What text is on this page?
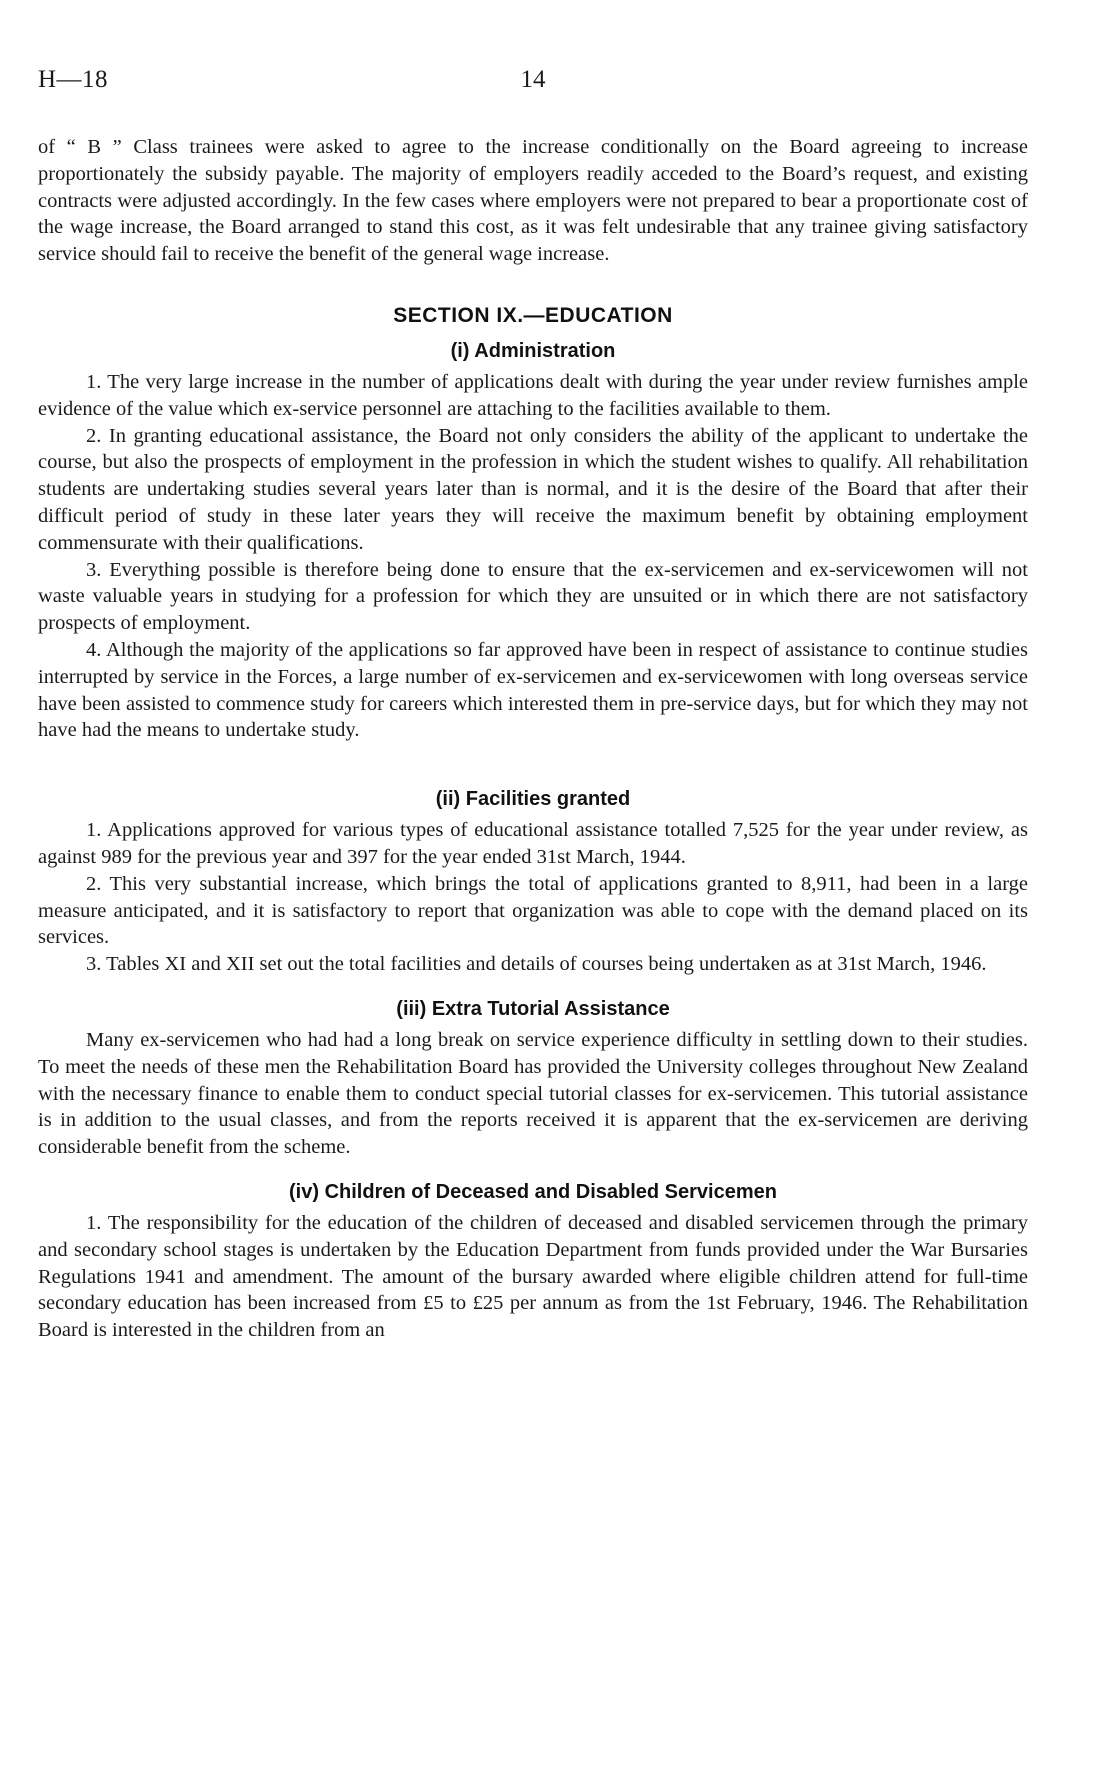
H—18	14

of “ B ” Class trainees were asked to agree to the increase conditionally on the Board agreeing to increase proportionately the subsidy payable. The majority of employers readily acceded to the Board’s request, and existing contracts were adjusted accordingly. In the few cases where employers were not prepared to bear a proportionate cost of the wage increase, the Board arranged to stand this cost, as it was felt undesirable that any trainee giving satisfactory service should fail to receive the benefit of the general wage increase.

SECTION IX.—EDUCATION
(i) Administration

1. The very large increase in the number of applications dealt with during the year under review furnishes ample evidence of the value which ex-service personnel are attaching to the facilities available to them.

2. In granting educational assistance, the Board not only considers the ability of the applicant to undertake the course, but also the prospects of employment in the profession in which the student wishes to qualify. All rehabilitation students are undertaking studies several years later than is normal, and it is the desire of the Board that after their difficult period of study in these later years they will receive the maximum benefit by obtaining employment commensurate with their qualifications.

3. Everything possible is therefore being done to ensure that the ex-servicemen and ex-servicewomen will not waste valuable years in studying for a profession for which they are unsuited or in which there are not satisfactory prospects of employment.

4. Although the majority of the applications so far approved have been in respect of assistance to continue studies interrupted by service in the Forces, a large number of ex-servicemen and ex-servicewomen with long overseas service have been assisted to commence study for careers which interested them in pre-service days, but for which they may not have had the means to undertake study.

(ii) Facilities granted

1. Applications approved for various types of educational assistance totalled 7,525 for the year under review, as against 989 for the previous year and 397 for the year ended 31st March, 1944.

2. This very substantial increase, which brings the total of applications granted to 8,911, had been in a large measure anticipated, and it is satisfactory to report that organization was able to cope with the demand placed on its services.

3. Tables XI and XII set out the total facilities and details of courses being undertaken as at 31st March, 1946.

(iii) Extra Tutorial Assistance

Many ex-servicemen who had had a long break on service experience difficulty in settling down to their studies. To meet the needs of these men the Rehabilitation Board has provided the University colleges throughout New Zealand with the necessary finance to enable them to conduct special tutorial classes for ex-servicemen. This tutorial assistance is in addition to the usual classes, and from the reports received it is apparent that the ex-servicemen are deriving considerable benefit from the scheme.

(iv) Children of Deceased and Disabled Servicemen

1. The responsibility for the education of the children of deceased and disabled servicemen through the primary and secondary school stages is undertaken by the Education Department from funds provided under the War Bursaries Regulations 1941 and amendment. The amount of the bursary awarded where eligible children attend for full-time secondary education has been increased from £5 to £25 per annum as from the 1st February, 1946. The Rehabilitation Board is interested in the children from an
